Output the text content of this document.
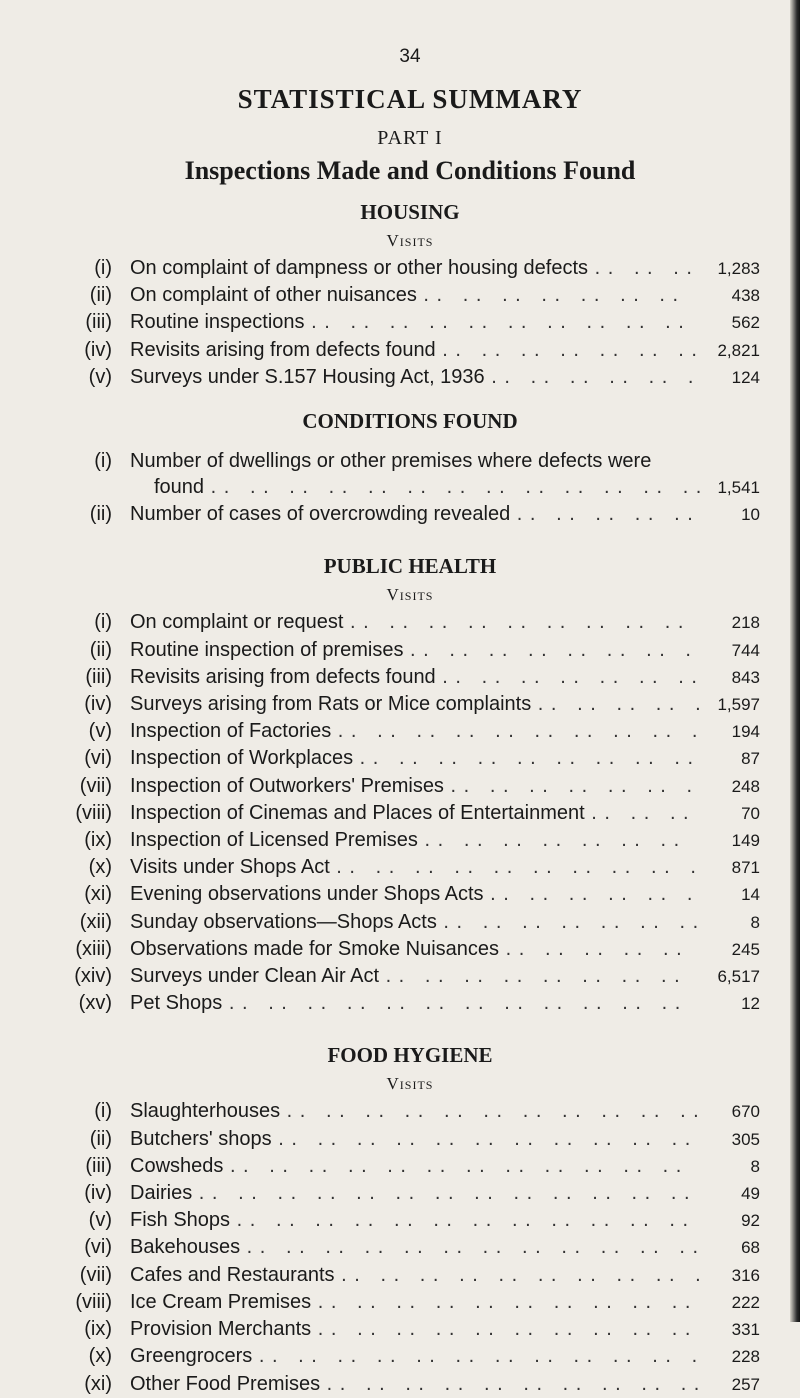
34
STATISTICAL SUMMARY
PART I
Inspections Made and Conditions Found
HOUSING
Visits
(i) On complaint of dampness or other housing defects . .	1,283
(ii) On complaint of other nuisances . .	438
(iii) Routine inspections . .	562
(iv) Revisits arising from defects found . .	2,821
(v) Surveys under S.157 Housing Act, 1936 . .	124
CONDITIONS FOUND
(i) Number of dwellings or other premises where defects were
found . .	1,541
(ii) Number of cases of overcrowding revealed . .	10
PUBLIC HEALTH
Visits
(i) On complaint or request . .	218
(ii) Routine inspection of premises . .	744
(iii) Revisits arising from defects found . .	843
(iv) Surveys arising from Rats or Mice complaints . .	1,597
(v) Inspection of Factories . .	194
(vi) Inspection of Workplaces . .	87
(vii) Inspection of Outworkers' Premises . .	248
(viii) Inspection of Cinemas and Places of Entertainment . .	70
(ix) Inspection of Licensed Premises . .	149
(x) Visits under Shops Act . .	871
(xi) Evening observations under Shops Acts . .	14
(xii) Sunday observations—Shops Acts . .	8
(xiii) Observations made for Smoke Nuisances . .	245
(xiv) Surveys under Clean Air Act . .	6,517
(xv) Pet Shops . .	12
FOOD HYGIENE
Visits
(i) Slaughterhouses . .	670
(ii) Butchers' shops . .	305
(iii) Cowsheds . .	8
(iv) Dairies . .	49
(v) Fish Shops . .	92
(vi) Bakehouses . .	68
(vii) Cafes and Restaurants . .	316
(viii) Ice Cream Premises . .	222
(ix) Provision Merchants . .	331
(x) Greengrocers . .	228
(xi) Other Food Premises . .	257
